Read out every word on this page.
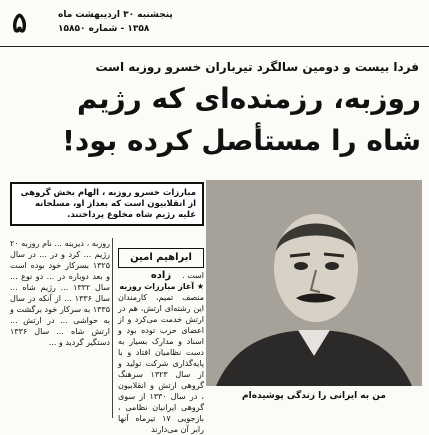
۵	پنجشنبه ۳۰ اردیبهشت ماه
۱۳۵۸ - شماره ۱۵۸۵۰
فردا بیست و دومین سالگرد تیرباران خسرو روزبه است
روزبه، رزمنده‌ای که رژیم
شاه را مستأصل کرده بود!
من به ایرانی را زندگی پوشیده‌ام
مبارزات خسرو روزبه ، الهام بخش گروهی از انقلابیون است که بعداز او، مسلحانه علیه رژیم شاه مخلوع پرداختند.
ابراهیم امین زاده	است .
★ آغاز مبارزات روزبه
منصف تمیم، کارمندان این رشته‌ای ارتش، هم در ارتش خدمت می‌کرد و از اعضای حزب توده بود و اسناد و مدارک بسیار به دست نظامیان افتاد و با پایه‌گذاری شرکت تولید و از سال ۱۳۲۳ سرهنگ گروهی ارتش و انقلابیون ، در سال ۱۳۳۰ از سوی گروهی ایرانیان نظامی ، بازجویی ۱۷ تیرماه آنها رابر آن می‌دارند
روزبه ، دیرینه ... نام روزبه ۲۰ رژیم ... کرد و در ... در سال ۱۳۲۵ بسرکار خود بوده است و بعد دوباره در ... دو نوع ... سال ۱۳۳۲ ... رژیم شاه ... سال ۱۳۳۶ ... از آنکه در سال ۱۳۳۵ به سرکار خود برگشت و به حواشی ... در ارتش ... ارتش شاه ... سال ۱۳۳۶ دستگیر گردید و ...
